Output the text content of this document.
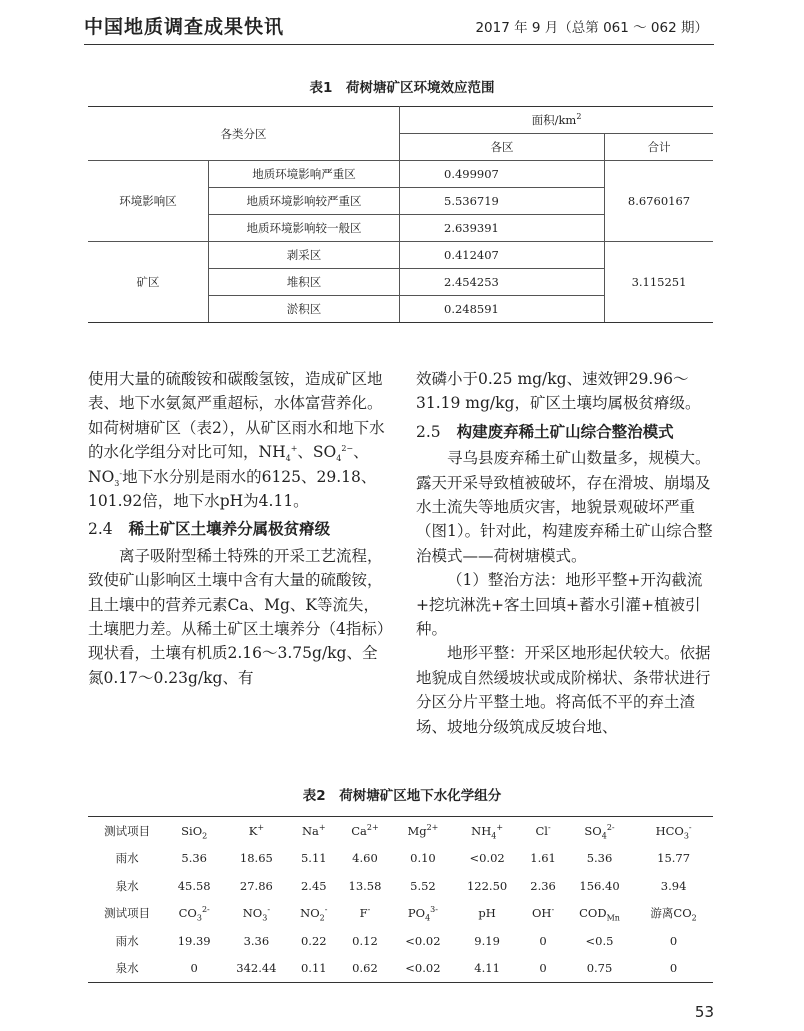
中国地质调查成果快讯	2017 年 9 月（总第 061 ～ 062 期）
表1　荷树塘矿区环境效应范围
各类分区		面积$/km^2$
		各区	合计
环境影响区	地质环境影响严重区	0.499907	8.6760167
	地质环境影响较严重区	5.536719	
	地质环境影响较一般区	2.639391	
矿区	剥采区	0.412407	3.115251
	堆积区	2.454253	
	淤积区	0.248591	

使用大量的硫酸铵和碳酸氢铵，造成矿区地表、地下水氨氮严重超标，水体富营养化。如荷树塘矿区（表2），从矿区雨水和地下水的水化学组分对比可知，$NH_4^+$、$SO_4^{2-}$、$NO_3^-$地下水分别是雨水的6125、29.18、101.92倍，地下水pH为4.11。

2.4 稀土矿区土壤养分属极贫瘠级

离子吸附型稀土特殊的开采工艺流程，致使矿山影响区土壤中含有大量的硫酸铵，且土壤中的营养元素Ca、Mg、K等流失，土壤肥力差。从稀土矿区土壤养分（4指标）现状看，土壤有机质2.16～3.75g/kg、全氮0.17～0.23g/kg、有

效磷小于0.25 mg/kg、速效钾29.96～31.19 mg/kg，矿区土壤均属极贫瘠级。

2.5 构建废弃稀土矿山综合整治模式

寻乌县废弃稀土矿山数量多，规模大。露天开采导致植被破坏，存在滑坡、崩塌及水土流失等地质灾害，地貌景观破坏严重（图1）。针对此，构建废弃稀土矿山综合整治模式——荷树塘模式。

（1）整治方法：地形平整+开沟截流+挖坑淋洗+客土回填+蓄水引灌+植被引种。

地形平整：开采区地形起伏较大。依据地貌成自然缓坡状或成阶梯状、条带状进行分区分片平整土地。将高低不平的弃土渣场、坡地分级筑成反坡台地、

表2　荷树塘矿区地下水化学组分
测试项目	SiO$_2$	K+	Na+	$Ca^{2+}$	$Mg^{2+}$	$NH_4^+$	Cl-	$SO_4^{2-}$	$HCO_3^-$
雨水	5.36	18.65	5.11	4.60	0.10	<0.02	1.61	5.36	15.77
泉水	45.58	27.86	2.45	13.58	5.52	122.50	2.36	156.40	3.94
测试项目	$CO_3^{2-}$	$NO_3^-$	$NO_2^-$	F-	$PO_4^{3-}$	pH	OH-	$COD_{Mn}$	游离$CO_2$
雨水	19.39	3.36	0.22	0.12	<0.02	9.19	0	<0.5	0
泉水	0	342.44	0.11	0.62	<0.02	4.11	0	0.75	0
53
